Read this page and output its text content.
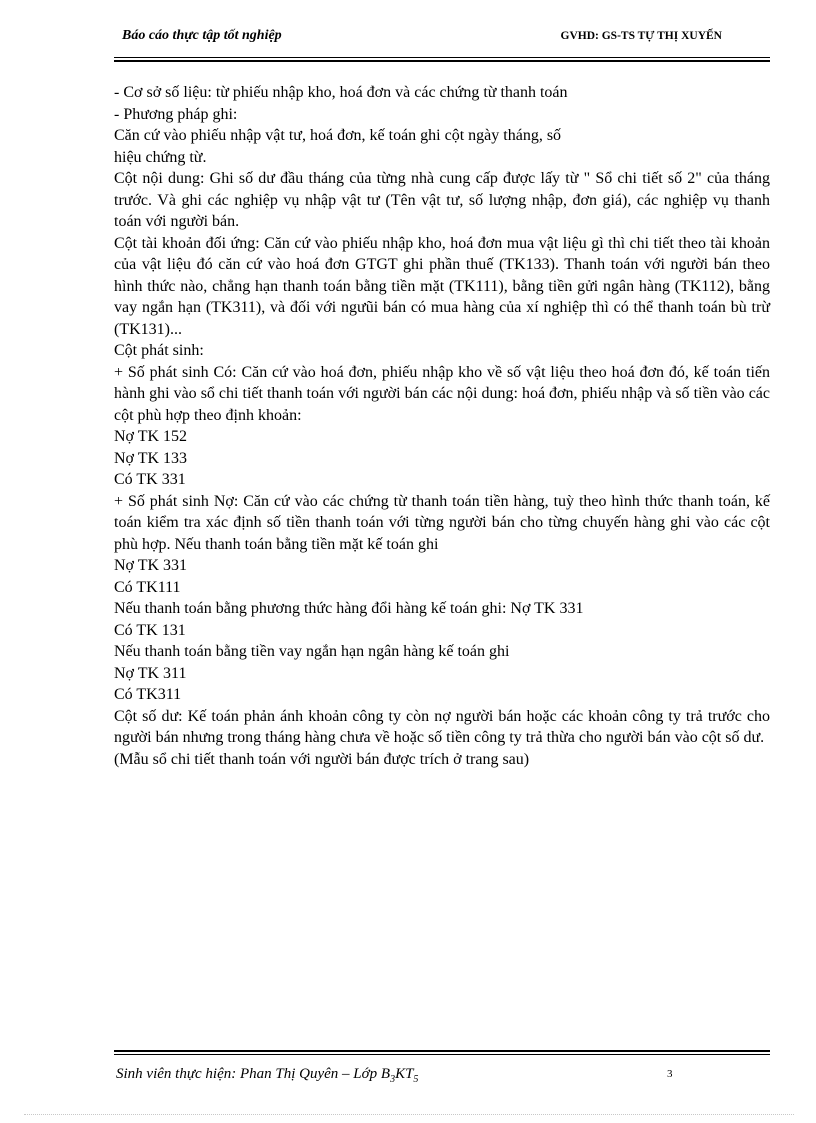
Báo cáo thực tập tốt nghiệp	GVHD: GS-TS TỰ THỊ XUYẾN

- Cơ sở số liệu: từ phiếu nhập kho, hoá đơn và các chứng từ thanh toán

- Phương pháp ghi:

Căn cứ vào phiếu nhập vật tư, hoá đơn, kế toán ghi cột ngày tháng, số

hiệu chứng từ.

Cột nội dung: Ghi số dư đầu tháng của từng nhà cung cấp được lấy từ " Sổ chi tiết số 2" của tháng trước. Và ghi các nghiệp vụ nhập vật tư (Tên vật tư, số lượng nhập, đơn giá), các nghiệp vụ thanh toán với người bán.

Cột tài khoản đối ứng: Căn cứ vào phiếu nhập kho, hoá đơn mua vật liệu gì thì chi tiết theo tài khoản của vật liệu đó căn cứ vào hoá đơn GTGT ghi phần thuế (TK133). Thanh toán với người bán theo hình thức nào, chẳng hạn thanh toán bằng tiền mặt (TK111), bằng tiền gửi ngân hàng (TK112), bằng vay ngắn hạn (TK311), và đối với ngưũi bán có mua hàng của xí nghiệp thì có thể thanh toán bù trừ (TK131)...

Cột phát sinh:

+ Số phát sinh Có: Căn cứ vào hoá đơn, phiếu nhập kho về số vật liệu theo hoá đơn đó, kế toán tiến hành ghi vào sổ chi tiết thanh toán với người bán các nội dung: hoá đơn, phiếu nhập và số tiền vào các cột phù hợp theo định khoản:

Nợ TK 152

Nợ TK 133

Có TK 331

+ Số phát sinh Nợ: Căn cứ vào các chứng từ thanh toán tiền hàng, tuỳ theo hình thức thanh toán, kế toán kiểm tra xác định số tiền thanh toán với từng người bán cho từng chuyến hàng ghi vào các cột phù hợp. Nếu thanh toán bằng tiền mặt kế toán ghi

Nợ TK 331

Có TK111

Nếu thanh toán bằng phương thức hàng đổi hàng kế toán ghi: Nợ TK 331

Có TK 131

Nếu thanh toán bằng tiền vay ngắn hạn ngân hàng kế toán ghi

Nợ TK 311

Có TK311

Cột số dư: Kế toán phản ánh khoản công ty còn nợ người bán hoặc các khoản công ty trả trước cho người bán nhưng trong tháng hàng chưa về hoặc số tiền công ty trả thừa cho người bán vào cột số dư.

(Mẫu sổ chi tiết thanh toán với người bán được trích ở trang sau)

Sinh viên thực hiện: Phan Thị Quyên – Lớp $B_3KT_5$	3
